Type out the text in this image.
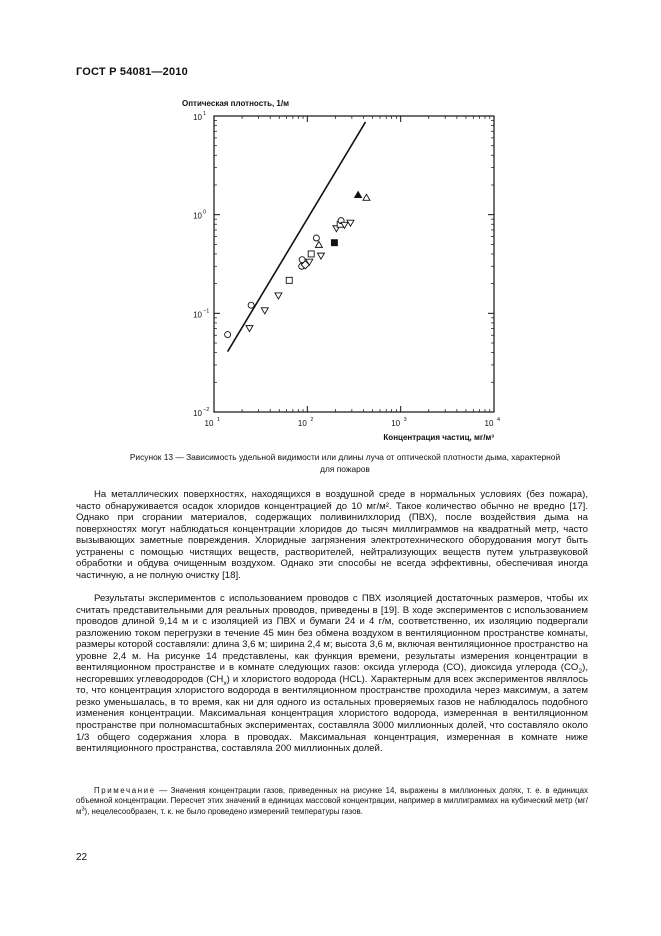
ГОСТ Р 54081—2010
Оптическая плотность, 1/м
Концентрация частиц, мг/м³
10 1	10 2	10 3	10 4
10 −2
10 −1
10 0
10 1
Рисунок 13 — Зависимость удельной видимости или длины луча от оптической плотности дыма, характерной
для пожаров

На металлических поверхностях, находящихся в воздушной среде в нормальных условиях (без пожара), часто обнаруживается осадок хлоридов концентрацией до 10 мг/м². Такое количество обычно не вредно [17]. Однако при сгорании материалов, содержащих поливинилхлорид (ПВХ), после воздействия дыма на поверхностях могут наблюдаться концентрации хлоридов до тысяч миллиграммов на квадратный метр, часто вызывающих заметные повреждения. Хлоридные загрязнения электротехнического оборудования могут быть устранены с помощью чистящих веществ, растворителей, нейтрализующих веществ путем ультразвуковой обработки и обдува очищенным воздухом. Однако эти способы не всегда эффективны, обеспечивая иногда частичную, а не полную очистку [18].

Результаты экспериментов с использованием проводов с ПВХ изоляцией достаточных размеров, чтобы их считать представительными для реальных проводов, приведены в [19]. В ходе экспериментов с использованием проводов длиной 9,14 м и с изоляцией из ПВХ и бумаги 24 и 4 г/м, соответственно, их изоляцию подвергали разложению током перегрузки в течение 45 мин без обмена воздухом в вентиляционном пространстве комнаты, размеры которой составляли: длина 3,6 м; ширина 2,4 м; высота 3,6 м, включая вентиляционное пространство на уровне 2,4 м. На рисунке 14 представлены, как функция времени, результаты измерения концентрации в вентиляционном пространстве и в комнате следующих газов: оксида углерода (CO), диоксида углерода $(CO_2)$, несгоревших углеводородов $(CH_x)$ и хлористого водорода (HCL). Характерным для всех экспериментов являлось то, что концентрация хлористого водорода в вентиляционном пространстве проходила через максимум, а затем резко уменьшалась, в то время, как ни для одного из остальных проверяемых газов не наблюдалось подобного изменения концентрации. Максимальная концентрация хлористого водорода, измеренная в вентиляционном пространстве при полномасштабных экспериментах, составляла 3000 миллионных долей, что составляло около 1/3 общего содержания хлора в проводах. Максимальная концентрация, измеренная в комнате ниже вентиляционного пространства, составляла 200 миллионных долей.

Примечание — Значения концентрации газов, приведенных на рисунке 14, выражены в миллионных долях, т. е. в единицах объемной концентрации. Пересчет этих значений в единицах массовой концентрации, например в миллиграммах на кубический метр $(мг/м^3)$, нецелесообразен, т. к. не было проведено измерений температуры газов.

22
